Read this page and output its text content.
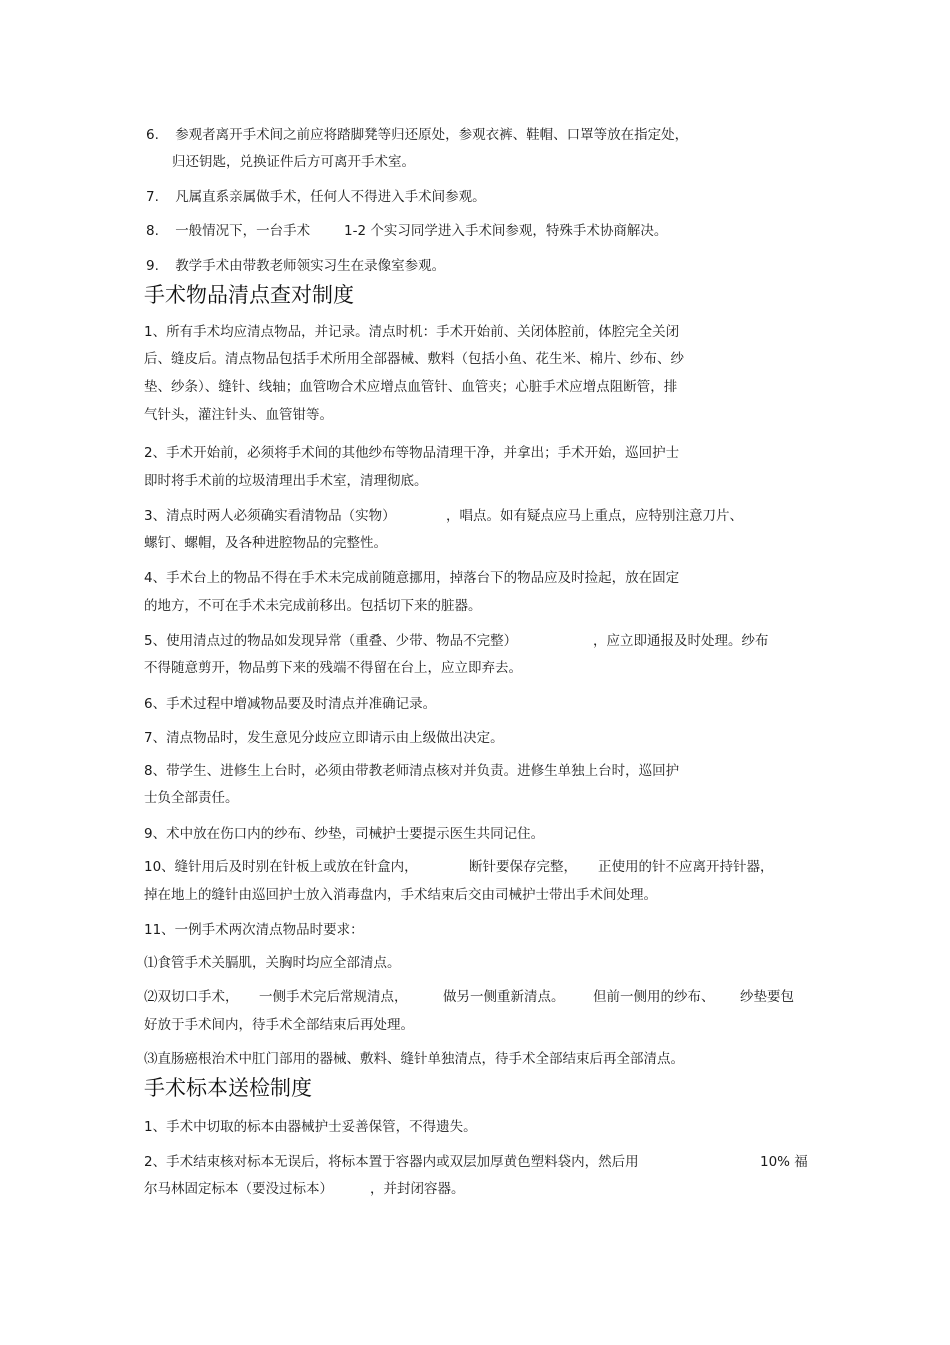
6. 参观者离开手术间之前应将踏脚凳等归还原处，参观衣裤、鞋帽、口罩等放在指定处，
归还钥匙，兑换证件后方可离开手术室。
7. 凡属直系亲属做手术，任何人不得进入手术间参观。
8. 一般情况下，一台手术	1-2 个实习同学进入手术间参观，特殊手术协商解决。
9. 教学手术由带教老师领实习生在录像室参观。
手术物品清点查对制度
1、所有手术均应清点物品，并记录。清点时机：手术开始前、关闭体腔前，体腔完全关闭
后、缝皮后。清点物品包括手术所用全部器械、敷料（包括小鱼、花生米、棉片、纱布、纱
垫、纱条）、缝针、线轴；血管吻合术应增点血管针、血管夹；心脏手术应增点阻断管，排
气针头，灌注针头、血管钳等。
2、手术开始前，必须将手术间的其他纱布等物品清理干净，并拿出；手术开始，巡回护士
即时将手术前的垃圾清理出手术室，清理彻底。
3、清点时两人必须确实看清物品（实物）	，唱点。如有疑点应马上重点，应特别注意刀片、
螺钉、螺帽，及各种进腔物品的完整性。
4、手术台上的物品不得在手术未完成前随意挪用，掉落台下的物品应及时捡起，放在固定
的地方，不可在手术未完成前移出。包括切下来的脏器。
5、使用清点过的物品如发现异常（重叠、少带、物品不完整）	，应立即通报及时处理。纱布
不得随意剪开，物品剪下来的残端不得留在台上，应立即弃去。
6、手术过程中增减物品要及时清点并准确记录。
7、清点物品时，发生意见分歧应立即请示由上级做出决定。
8、带学生、进修生上台时，必须由带教老师清点核对并负责。进修生单独上台时，巡回护
士负全部责任。
9、术中放在伤口内的纱布、纱垫，司械护士要提示医生共同记住。
10、缝针用后及时别在针板上或放在针盒内，	断针要保存完整， 正使用的针不应离开持针器，
掉在地上的缝针由巡回护士放入消毒盘内，手术结束后交由司械护士带出手术间处理。
11、一例手术两次清点物品时要求：
⑴食管手术关膈肌，关胸时均应全部清点。
⑵双切口手术， 一侧手术完后常规清点，	做另一侧重新清点。 但前一侧用的纱布、 纱垫要包
好放于手术间内，待手术全部结束后再处理。
⑶直肠癌根治术中肛门部用的器械、敷料、缝针单独清点，待手术全部结束后再全部清点。
手术标本送检制度
1、手术中切取的标本由器械护士妥善保管，不得遗失。
2、手术结束核对标本无误后，将标本置于容器内或双层加厚黄色塑料袋内，然后用	10% 福
尔马林固定标本（要没过标本）	，并封闭容器。
